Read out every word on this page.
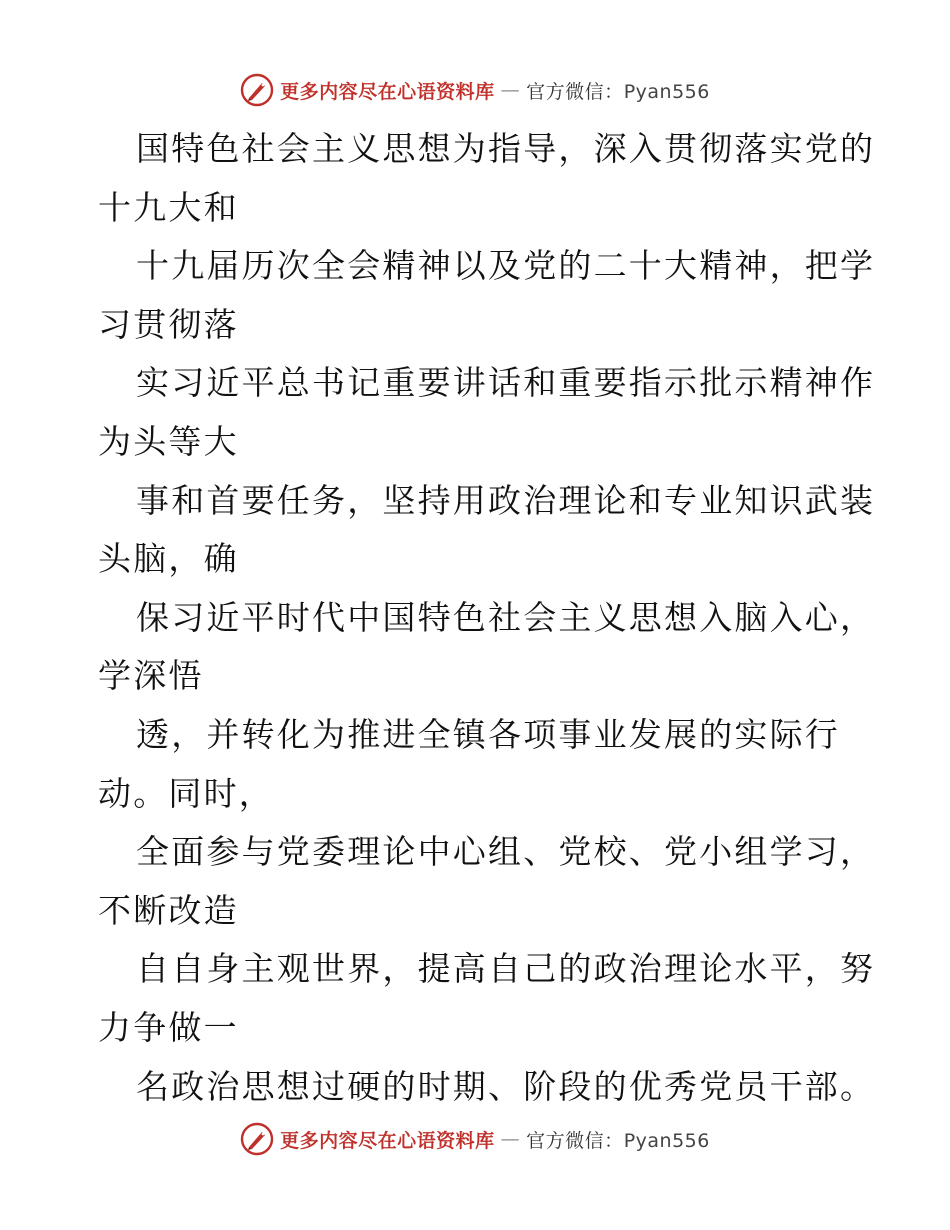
更多内容尽在心语资料库 — 官方微信：Pyan556
国特色社会主义思想为指导，深入贯彻落实党的
十九大和
十九届历次全会精神以及党的二十大精神，把学
习贯彻落
实习近平总书记重要讲话和重要指示批示精神作
为头等大
事和首要任务，坚持用政治理论和专业知识武装
头脑，确
保习近平时代中国特色社会主义思想入脑入心，
学深悟
透，并转化为推进全镇各项事业发展的实际行
动。同时，
全面参与党委理论中心组、党校、党小组学习，
不断改造
自自身主观世界，提高自己的政治理论水平，努
力争做一
名政治思想过硬的时期、阶段的优秀党员干部。
更多内容尽在心语资料库 — 官方微信：Pyan556
